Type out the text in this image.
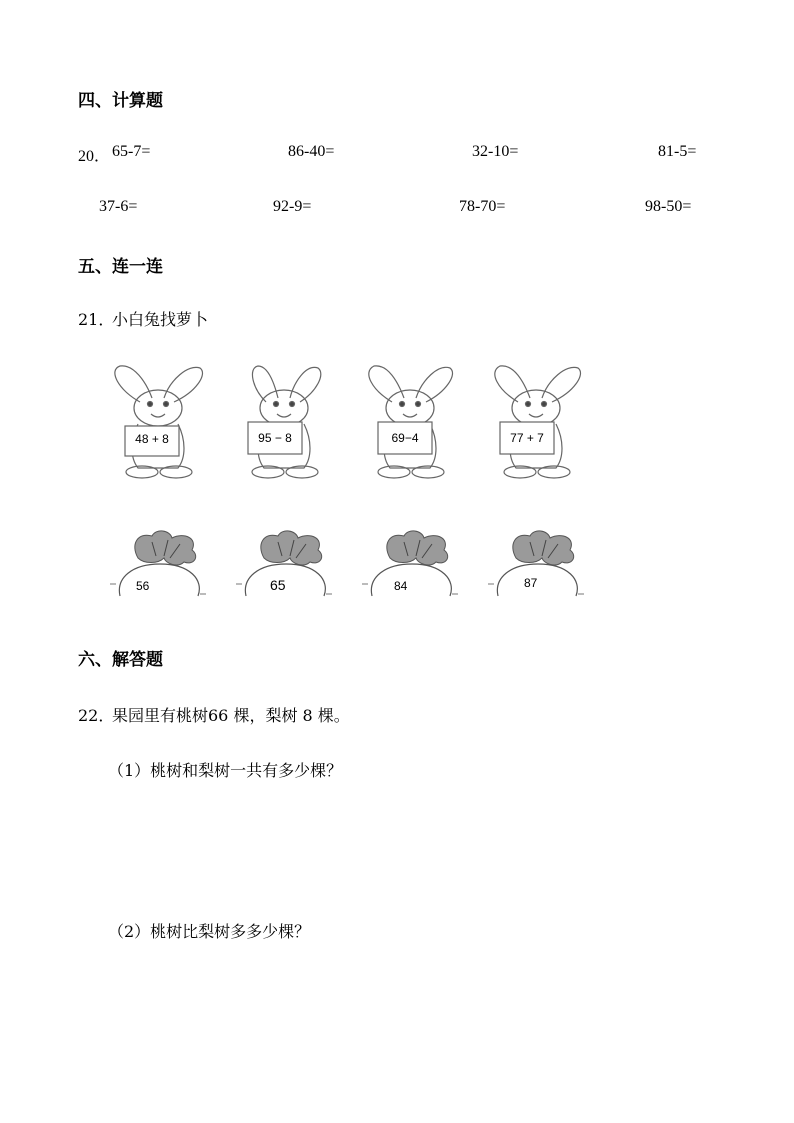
四、计算题
20． 65-7=	86-40=	32-10=	81-5=
37-6=	92-9=	78-70=	98-50=
五、连一连
21．
小白兔找萝卜
48 + 8	95 − 8	69−4	77 + 7
56	65	84	87
六、解答题
22．
果园里有桃树66 棵，梨树 8 棵。
（1）桃树和梨树一共有多少棵？
（2）桃树比梨树多多少棵？
